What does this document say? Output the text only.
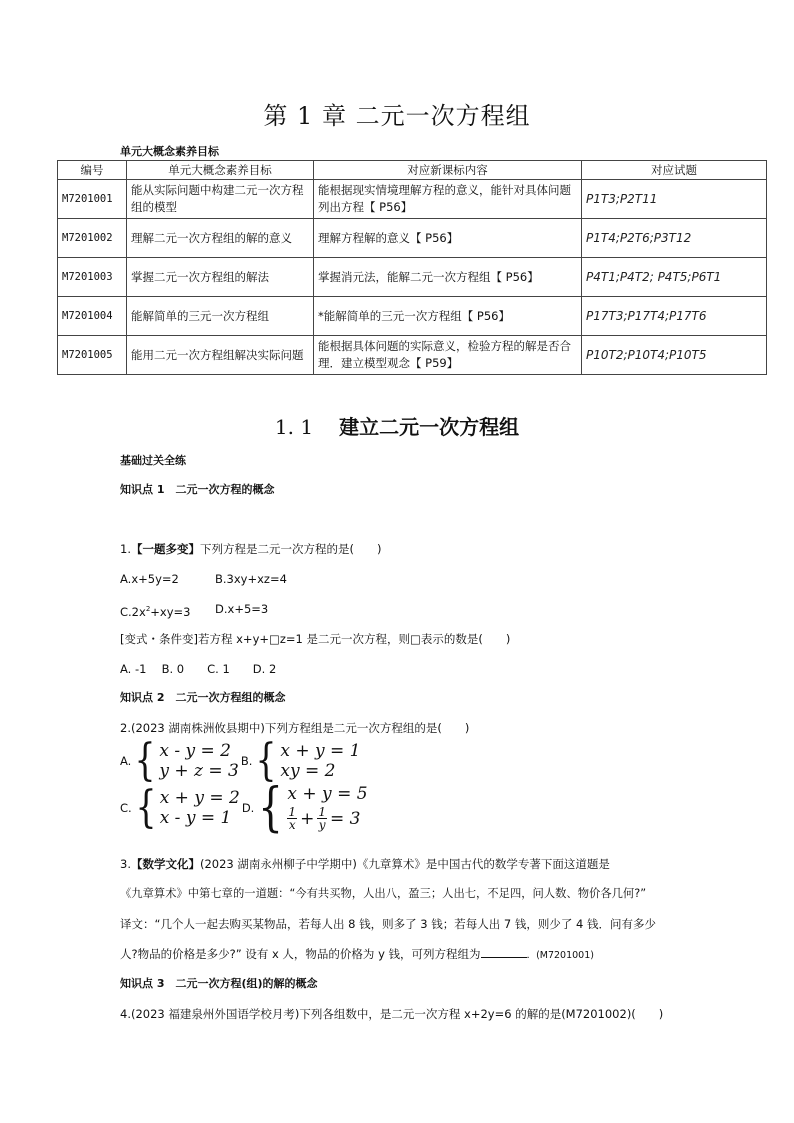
第 1 章 二元一次方程组
单元大概念素养目标
编号	单元大概念素养目标	对应新课标内容	对应试题
M7201001	能从实际问题中构建二元一次方程组的模型	能根据现实情境理解方程的意义，能针对具体问题列出方程【 P56】	P1T3;P2T11
M7201002	理解二元一次方程组的解的意义	理解方程解的意义【 P56】	P1T4;P2T6;P3T12
M7201003	掌握二元一次方程组的解法	掌握消元法，能解二元一次方程组【 P56】	P4T1;P4T2; P4T5;P6T1
M7201004	能解简单的三元一次方程组	*能解简单的三元一次方程组【 P56】	P17T3;P17T4;P17T6
M7201005	能用二元一次方程组解决实际问题	能根据具体问题的实际意义，检验方程的解是否合理．建立模型观念【 P59】	P10T2;P10T4;P10T5
1. 1 建立二元一次方程组
基础过关全练
知识点 1　二元一次方程的概念
1.【一题多变】下列方程是二元一次方程的是(　　)
A.x+5y=2	B.3xy+xz=4
$C.2x^2+xy=3$ D.x+5=3
[变式・条件变]若方程 x+y+□z=1 是二元一次方程，则□表示的数是(　　)
A. -1　 B. 0　　C. 1　　D. 2
知识点 2　二元一次方程组的概念
2.(2023 湖南株洲攸县期中)下列方程组是二元一次方程组的是(　　)
A. { x - y = 2
y + z = 3 B. { x + y = 1
xy = 2
C. { x + y = 2
x - y = 1 D. { x + y = 5
$\frac{1}{x} + \frac{1}{y} = 3$
3.【数学文化】(2023 湖南永州柳子中学期中)《九章算术》是中国古代的数学专著下面这道题是
《九章算术》中第七章的一道题：“今有共买物，人出八，盈三；人出七，不足四，问人数、物价各几何?”
译文：“几个人一起去购买某物品，若每人出 8 钱，则多了 3 钱；若每人出 7 钱，则少了 4 钱．问有多少
人?物品的价格是多少?” 设有 x 人，物品的价格为 y 钱，可列方程组为	．(M7201001)
知识点 3　二元一次方程(组)的解的概念
4.(2023 福建泉州外国语学校月考)下列各组数中，是二元一次方程 x+2y=6 的解的是(M7201002)(　　)
